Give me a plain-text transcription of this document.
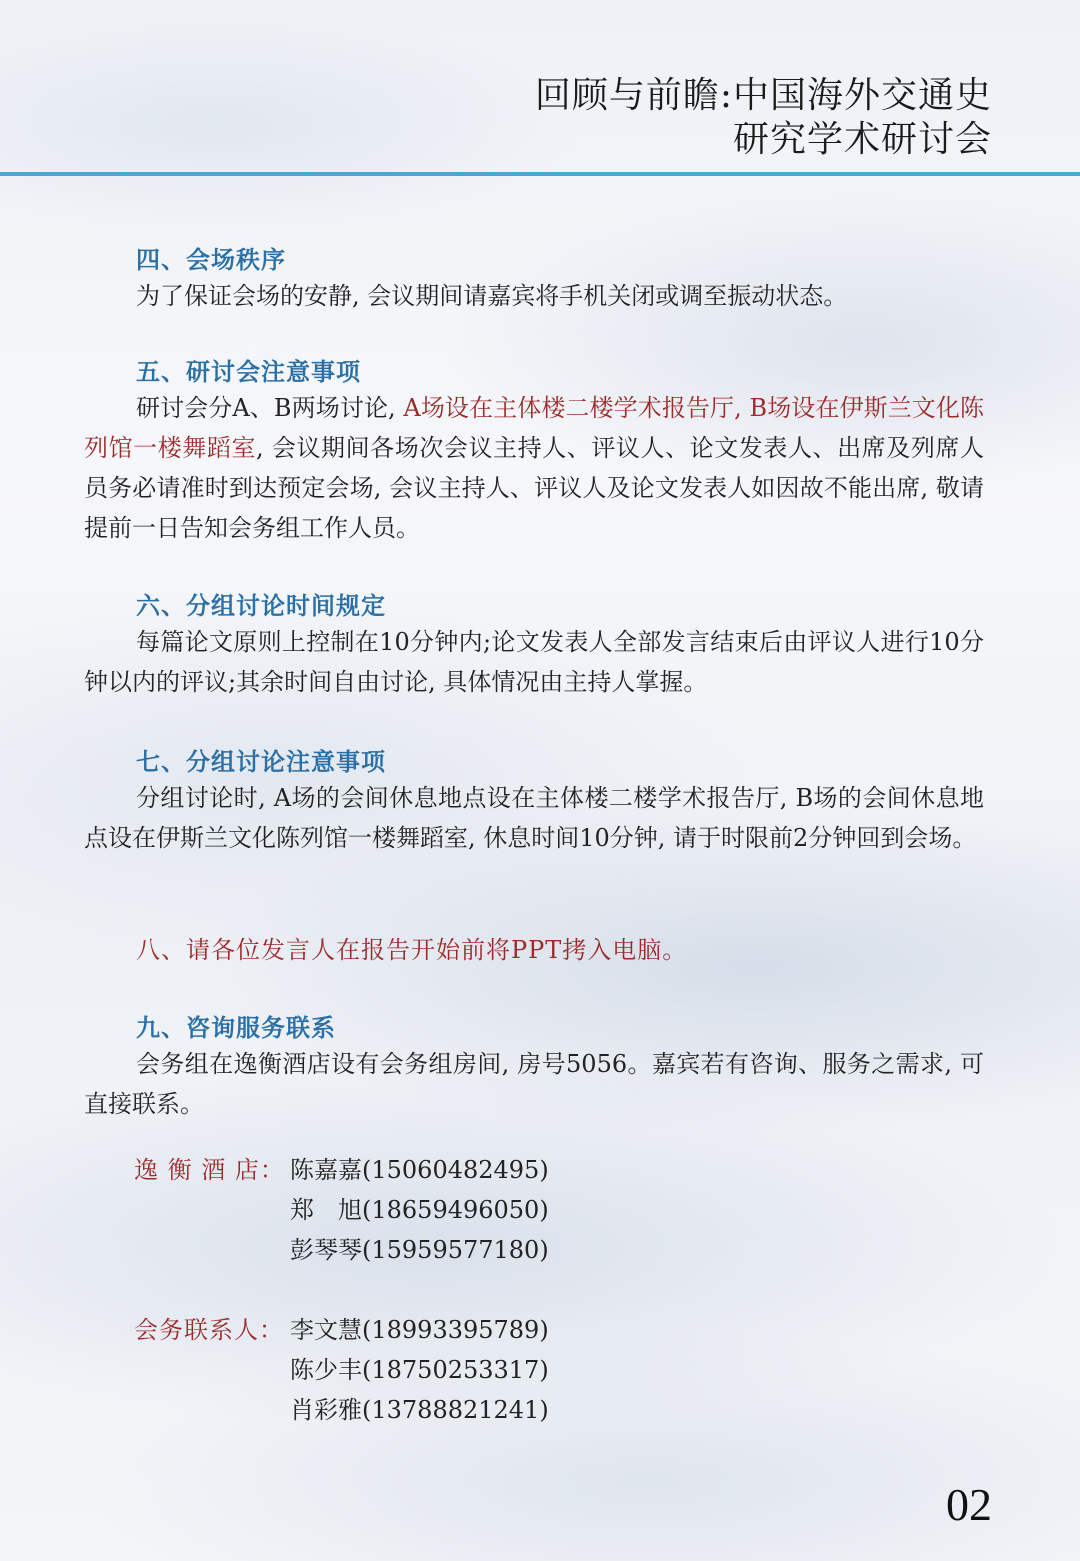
回顾与前瞻:中国海外交通史
研究学术研讨会
四、会场秩序
为了保证会场的安静, 会议期间请嘉宾将手机关闭或调至振动状态。
五、研讨会注意事项
研讨会分A、B两场讨论, A场设在主体楼二楼学术报告厅, B场设在伊斯兰文化陈列馆一楼舞蹈室, 会议期间各场次会议主持人、评议人、论文发表人、出席及列席人员务必请准时到达预定会场, 会议主持人、评议人及论文发表人如因故不能出席, 敬请提前一日告知会务组工作人员。
六、分组讨论时间规定
每篇论文原则上控制在10分钟内;论文发表人全部发言结束后由评议人进行10分钟以内的评议;其余时间自由讨论, 具体情况由主持人掌握。
七、分组讨论注意事项
分组讨论时, A场的会间休息地点设在主体楼二楼学术报告厅, B场的会间休息地点设在伊斯兰文化陈列馆一楼舞蹈室, 休息时间10分钟, 请于时限前2分钟回到会场。
八、请各位发言人在报告开始前将PPT拷入电脑。
九、咨询服务联系
会务组在逸衡酒店设有会务组房间, 房号5056。嘉宾若有咨询、服务之需求, 可直接联系。
逸 衡 酒 店： 陈嘉嘉(15060482495)
郑　旭(18659496050)
彭琴琴(15959577180)
会务联系人： 李文慧(18993395789)
陈少丰(18750253317)
肖彩雅(13788821241)
02
